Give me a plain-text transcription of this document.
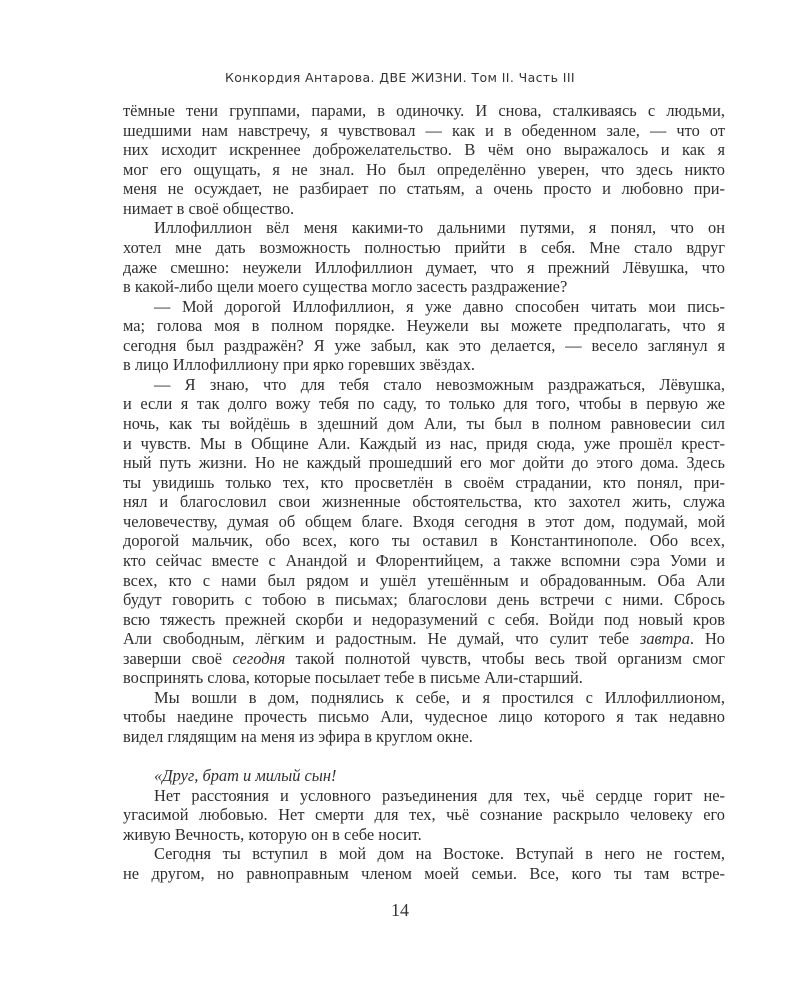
Конкордия Антарова. ДВЕ ЖИЗНИ. Том II. Часть III
тёмные тени группами, парами, в одиночку. И снова, сталкиваясь с людьми,
шедшими нам навстречу, я чувствовал — как и в обеденном зале, — что от
них исходит искреннее доброжелательство. В чём оно выражалось и как я
мог его ощущать, я не знал. Но был определённо уверен, что здесь никто
меня не осуждает, не разбирает по статьям, а очень просто и любовно при-
нимает в своё общество.
Иллофиллион вёл меня какими-то дальними путями, я понял, что он
хотел мне дать возможность полностью прийти в себя. Мне стало вдруг
даже смешно: неужели Иллофиллион думает, что я прежний Лёвушка, что
в какой-либо щели моего существа могло засесть раздражение?
— Мой дорогой Иллофиллион, я уже давно способен читать мои пись-
ма; голова моя в полном порядке. Неужели вы можете предполагать, что я
сегодня был раздражён? Я уже забыл, как это делается, — весело заглянул я
в лицо Иллофиллиону при ярко горевших звёздах.
— Я знаю, что для тебя стало невозможным раздражаться, Лёвушка,
и если я так долго вожу тебя по саду, то только для того, чтобы в первую же
ночь, как ты войдёшь в здешний дом Али, ты был в полном равновесии сил
и чувств. Мы в Общине Али. Каждый из нас, придя сюда, уже прошёл крест-
ный путь жизни. Но не каждый прошедший его мог дойти до этого дома. Здесь
ты увидишь только тех, кто просветлён в своём страдании, кто понял, при-
нял и благословил свои жизненные обстоятельства, кто захотел жить, служа
человечеству, думая об общем благе. Входя сегодня в этот дом, подумай, мой
дорогой мальчик, обо всех, кого ты оставил в Константинополе. Обо всех,
кто сейчас вместе с Анандой и Флорентийцем, а также вспомни сэра Уоми и
всех, кто с нами был рядом и ушёл утешённым и обрадованным. Оба Али
будут говорить с тобою в письмах; благослови день встречи с ними. Сбрось
всю тяжесть прежней скорби и недоразумений с себя. Войди под новый кров
Али свободным, лёгким и радостным. Не думай, что сулит тебе завтра. Но
заверши своё сегодня такой полнотой чувств, чтобы весь твой организм смог
воспринять слова, которые посылает тебе в письме Али-старший.
Мы вошли в дом, поднялись к себе, и я простился с Иллофиллионом,
чтобы наедине прочесть письмо Али, чудесное лицо которого я так недавно
видел глядящим на меня из эфира в круглом окне.
«Друг, брат и милый сын!
Нет расстояния и условного разъединения для тех, чьё сердце горит не-
угасимой любовью. Нет смерти для тех, чьё сознание раскрыло человеку его
живую Вечность, которую он в себе носит.
Сегодня ты вступил в мой дом на Востоке. Вступай в него не гостем,
не другом, но равноправным членом моей семьи. Все, кого ты там встре-
14
